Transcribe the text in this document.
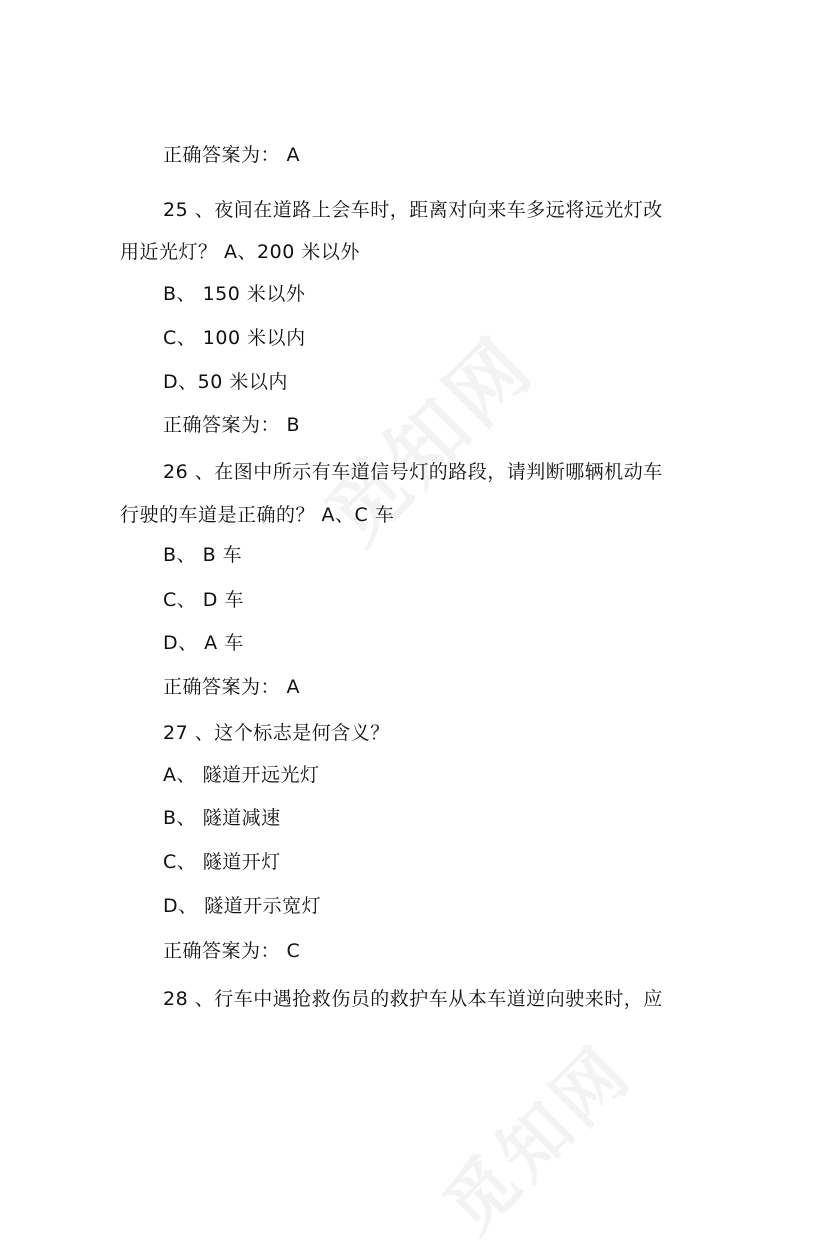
正确答案为： A
25 、夜间在道路上会车时，距离对向来车多远将远光灯改
用近光灯？ A、200 米以外
B、 150 米以外
C、 100 米以内
D、50 米以内
正确答案为： B
26 、在图中所示有车道信号灯的路段，请判断哪辆机动车
行驶的车道是正确的？ A、C 车
B、 B 车
C、 D 车
D、 A 车
正确答案为： A
27 、这个标志是何含义？
A、 隧道开远光灯
B、 隧道减速
C、 隧道开灯
D、 隧道开示宽灯
正确答案为： C
28 、行车中遇抢救伤员的救护车从本车道逆向驶来时，应
